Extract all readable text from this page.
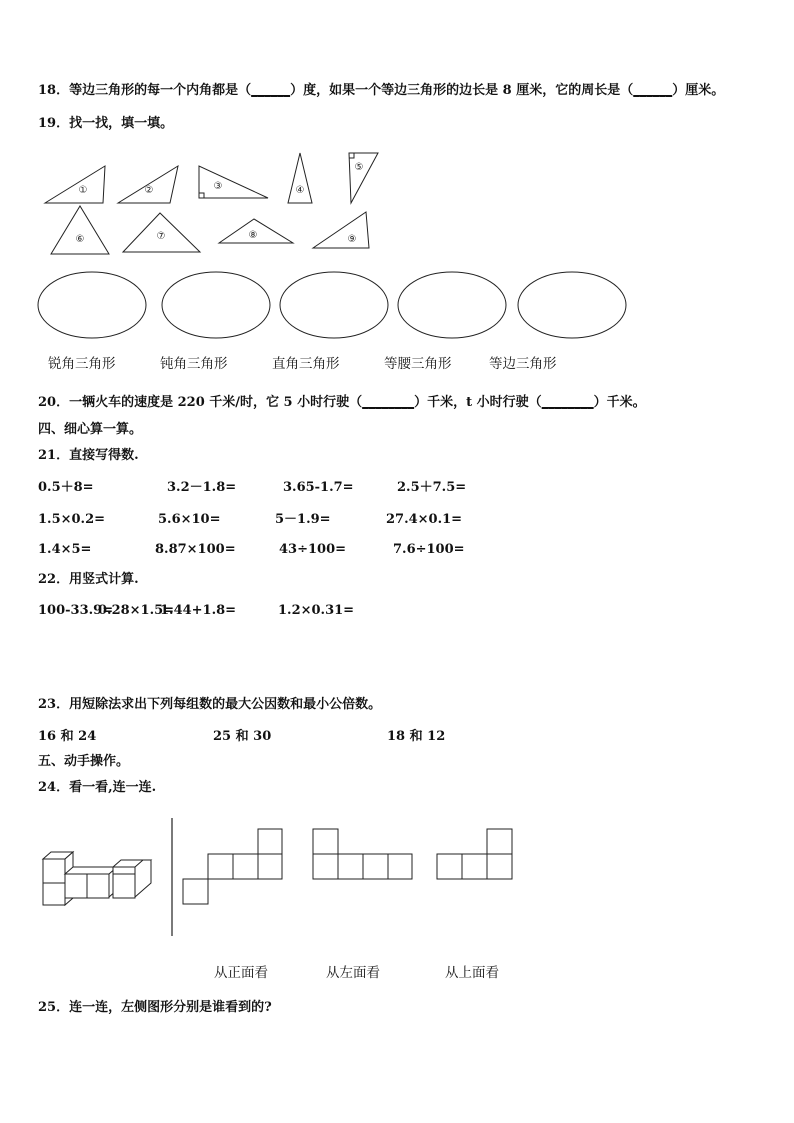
18．等边三角形的每一个内角都是（______）度，如果一个等边三角形的边长是 8 厘米，它的周长是（______）厘米。
19．找一找，填一填。
①	②	③	④
⑤
⑥	⑦	⑧	⑨
锐角三角形	钝角三角形	直角三角形	等腰三角形	等边三角形
20．一辆火车的速度是 220 千米/时，它 5 小时行驶（________）千米，t 小时行驶（________）千米。
四、细心算一算。
21．直接写得数.
0.5＋8=	3.2－1.8=	3.65-1.7=	2.5＋7.5=
1.5×0.2=	5.6×10=	5－1.9=	27.4×0.1=
1.4×5=	8.87×100=	43÷100=	7.6÷100=
22．用竖式计算.
100-33.9=
0.28×1.5=
1.44+1.8=	1.2×0.31=
23．用短除法求出下列每组数的最大公因数和最小公倍数。
16 和 24	25 和 30	18 和 12
五、动手操作。
24．看一看,连一连.
从正面看	从左面看	从上面看
25．连一连，左侧图形分别是谁看到的?
